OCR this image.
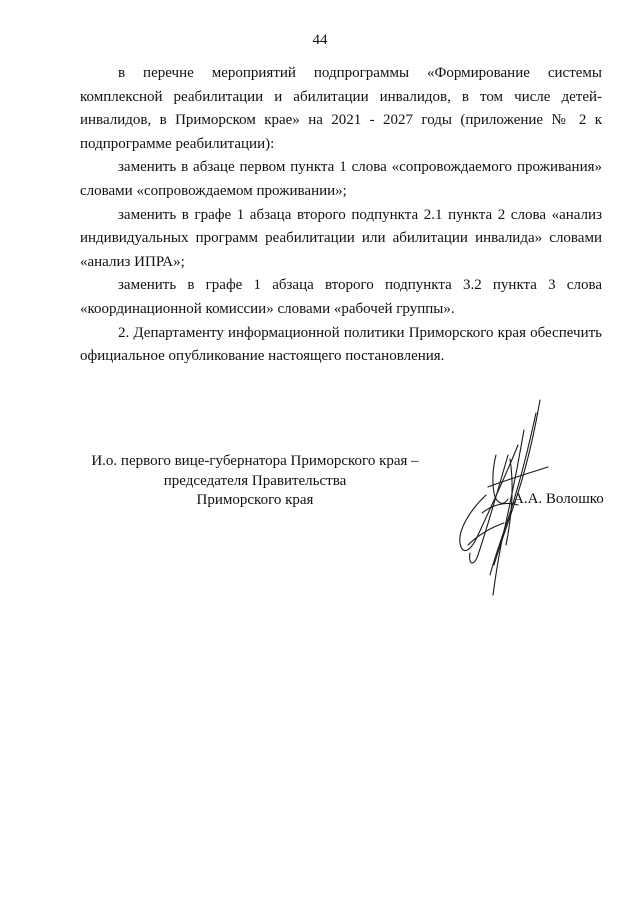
44

в перечне мероприятий подпрограммы «Формирование системы комплексной реабилитации и абилитации инвалидов, в том числе детей-инвалидов, в Приморском крае» на 2021 - 2027 годы (приложение № 2 к подпрограмме реабилитации):

заменить в абзаце первом пункта 1 слова «сопровождаемого проживания» словами «сопровождаемом проживании»;

заменить в графе 1 абзаца второго подпункта 2.1 пункта 2 слова «анализ индивидуальных программ реабилитации или абилитации инвалида» словами «анализ ИПРА»;

заменить в графе 1 абзаца второго подпункта 3.2 пункта 3 слова «координационной комиссии» словами «рабочей группы».

2. Департаменту информационной политики Приморского края обеспечить официальное опубликование настоящего постановления.

И.о. первого вице-губернатора Приморского края –
председателя Правительства
Приморского края	А.А. Волошко
